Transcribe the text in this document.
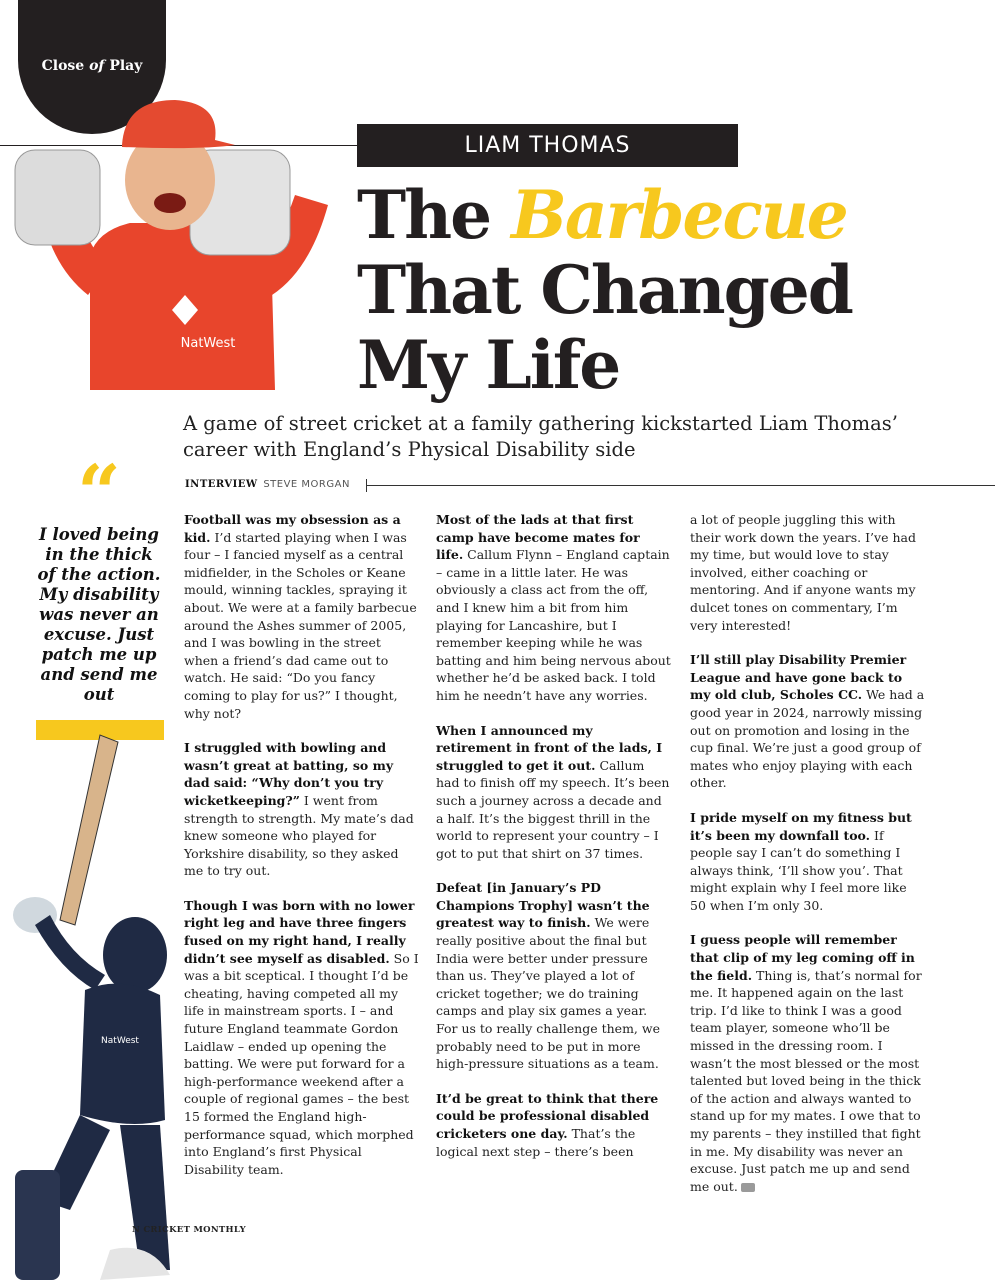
Close of Play
NatWest
LIAM THOMAS
The Barbecue
That Changed
My Life
A game of street cricket at a family gathering kickstarted Liam Thomas’ career with England’s Physical Disability side
INTERVIEW STEVE MORGAN
“
I loved being in the thick of the action. My disability was never an excuse. Just patch me up and send me out
NatWest

Football was my obsession as a kid. I’d started playing when I was four – I fancied myself as a central midfielder, in the Scholes or Keane mould, winning tackles, spraying it about. We were at a family barbecue around the Ashes summer of 2005, and I was bowling in the street when a friend’s dad came out to watch. He said: “Do you fancy coming to play for us?” I thought, why not?

I struggled with bowling and wasn’t great at batting, so my dad said: “Why don’t you try wicketkeeping?” I went from strength to strength. My mate’s dad knew someone who played for Yorkshire disability, so they asked me to try out.

Though I was born with no lower right leg and have three fingers fused on my right hand, I really didn’t see myself as disabled. So I was a bit sceptical. I thought I’d be cheating, having competed all my life in mainstream sports. I – and future England teammate Gordon Laidlaw – ended up opening the batting. We were put forward for a high-performance weekend after a couple of regional games – the best 15 formed the England high-performance squad, which morphed into England’s first Physical Disability team.

Most of the lads at that first camp have become mates for life. Callum Flynn – England captain – came in a little later. He was obviously a class act from the off, and I knew him a bit from him playing for Lancashire, but I remember keeping while he was batting and him being nervous about whether he’d be asked back. I told him he needn’t have any worries.

When I announced my retirement in front of the lads, I struggled to get it out. Callum had to finish off my speech. It’s been such a journey across a decade and a half. It’s the biggest thrill in the world to represent your country – I got to put that shirt on 37 times.

Defeat [in January’s PD Champions Trophy] wasn’t the greatest way to finish. We were really positive about the final but India were better under pressure than us. They’ve played a lot of cricket together; we do training camps and play six games a year. For us to really challenge them, we probably need to be put in more high-pressure situations as a team.

It’d be great to think that there could be professional disabled cricketers one day. That’s the logical next step – there’s been

a lot of people juggling this with their work down the years. I’ve had my time, but would love to stay involved, either coaching or mentoring. And if anyone wants my dulcet tones on commentary, I’m very interested!

I’ll still play Disability Premier League and have gone back to my old club, Scholes CC. We had a good year in 2024, narrowly missing out on promotion and losing in the cup final. We’re just a good group of mates who enjoy playing with each other.

I pride myself on my fitness but it’s been my downfall too. If people say I can’t do something I always think, ‘I’ll show you’. That might explain why I feel more like 50 when I’m only 30.

I guess people will remember that clip of my leg coming off in the field. Thing is, that’s normal for me. It happened again on the last trip. I’d like to think I was a good team player, someone who’ll be missed in the dressing room. I wasn’t the most blessed or the most talented but loved being in the thick of the action and always wanted to stand up for my mates. I owe that to my parents – they instilled that fight in me. My disability was never an excuse. Just patch me up and send me out.

N CRICKET MONTHLY
